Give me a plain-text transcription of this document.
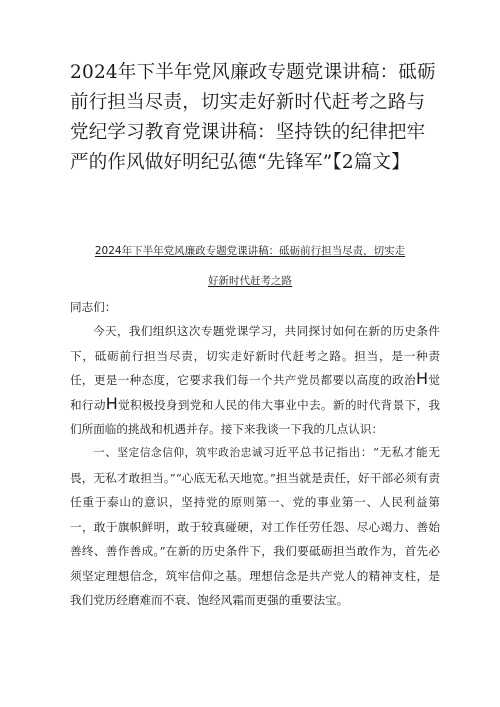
2024年下半年党风廉政专题党课讲稿：砥砺前行担当尽责，切实走好新时代赶考之路与党纪学习教育党课讲稿：坚持铁的纪律把牢严的作风做好明纪弘德“先锋军”【2篇文】
2024年下半年党风廉政专题党课讲稿：砥砺前行担当尽责，切实走
好新时代赶考之路

同志们：

今天，我们组织这次专题党课学习，共同探讨如何在新的历史条件下，砥砺前行担当尽责，切实走好新时代赶考之路。担当，是一种责任，更是一种态度，它要求我们每一个共产党员都要以高度的政治H觉和行动H觉积极投身到党和人民的伟大事业中去。新的时代背景下，我们所面临的挑战和机遇并存。接下来我谈一下我的几点认识：

一、坚定信念信仰，筑牢政治忠诚习近平总书记指出：“无私才能无畏，无私才敢担当。”“心底无私天地宽。”担当就是责任，好干部必须有责任重于泰山的意识，坚持党的原则第一、党的事业第一、人民利益第一，敢于旗帜鲜明，敢于较真碰硬，对工作任劳任怨、尽心竭力、善始善终、善作善成。”在新的历史条件下，我们要砥砺担当敢作为，首先必须坚定理想信念，筑牢信仰之基。理想信念是共产党人的精神支柱，是我们党历经磨难而不衰、饱经风霜而更强的重要法宝。
